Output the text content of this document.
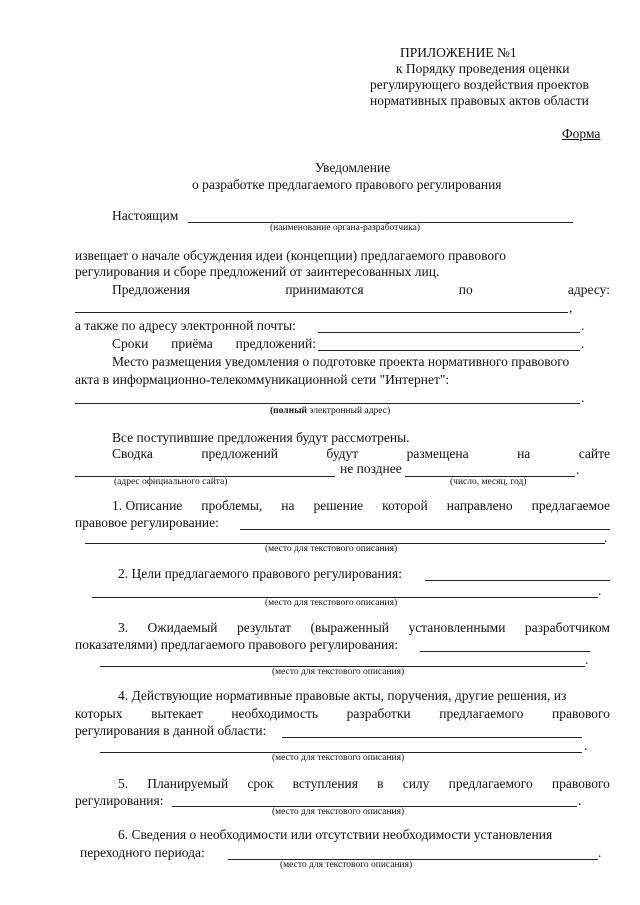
ПРИЛОЖЕНИЕ №1
к Порядку проведения оценки
регулирующего воздействия проектов
нормативных правовых актов области
Форма
Уведомление
о разработке предлагаемого правового регулирования
Настоящим
(наименование органа-разработчика)
извещает о начале обсуждения идеи (концепции) предлагаемого правового
регулирования и сборе предложений от заинтересованных лиц.
Предложения	принимаются	по	адресу:
,
а также по адресу электронной почты:	.
Сроки приёма предложений:	.
Место размещения уведомления о подготовке проекта нормативного правового
акта в информационно-телекоммуникационной сети "Интернет":
.
(полный электронный адрес)
Все поступившие предложения будут рассмотрены.
Сводка	предложений	будут	размещена	на	сайте
не позднее	.
(адрес официального сайта)	(число, месяц, год)
1. Описание проблемы, на решение которой направлено предлагаемое
правовое регулирование:
.
(место для текстового описания)
2. Цели предлагаемого правового регулирования:
.
(место для текстового описания)
3. Ожидаемый результат (выраженный установленными разработчиком
показателями) предлагаемого правового регулирования:
.
(место для текстового описания)
4. Действующие нормативные правовые акты, поручения, другие решения, из
которых вытекает необходимость разработки предлагаемого правового
регулирования в данной области:
.
(место для текстового описания)
5. Планируемый срок вступления в силу предлагаемого правового
регулирования:	.
(место для текстового описания)
6. Сведения о необходимости или отсутствии необходимости установления
переходного периода:	.
(место для текстового описания)
